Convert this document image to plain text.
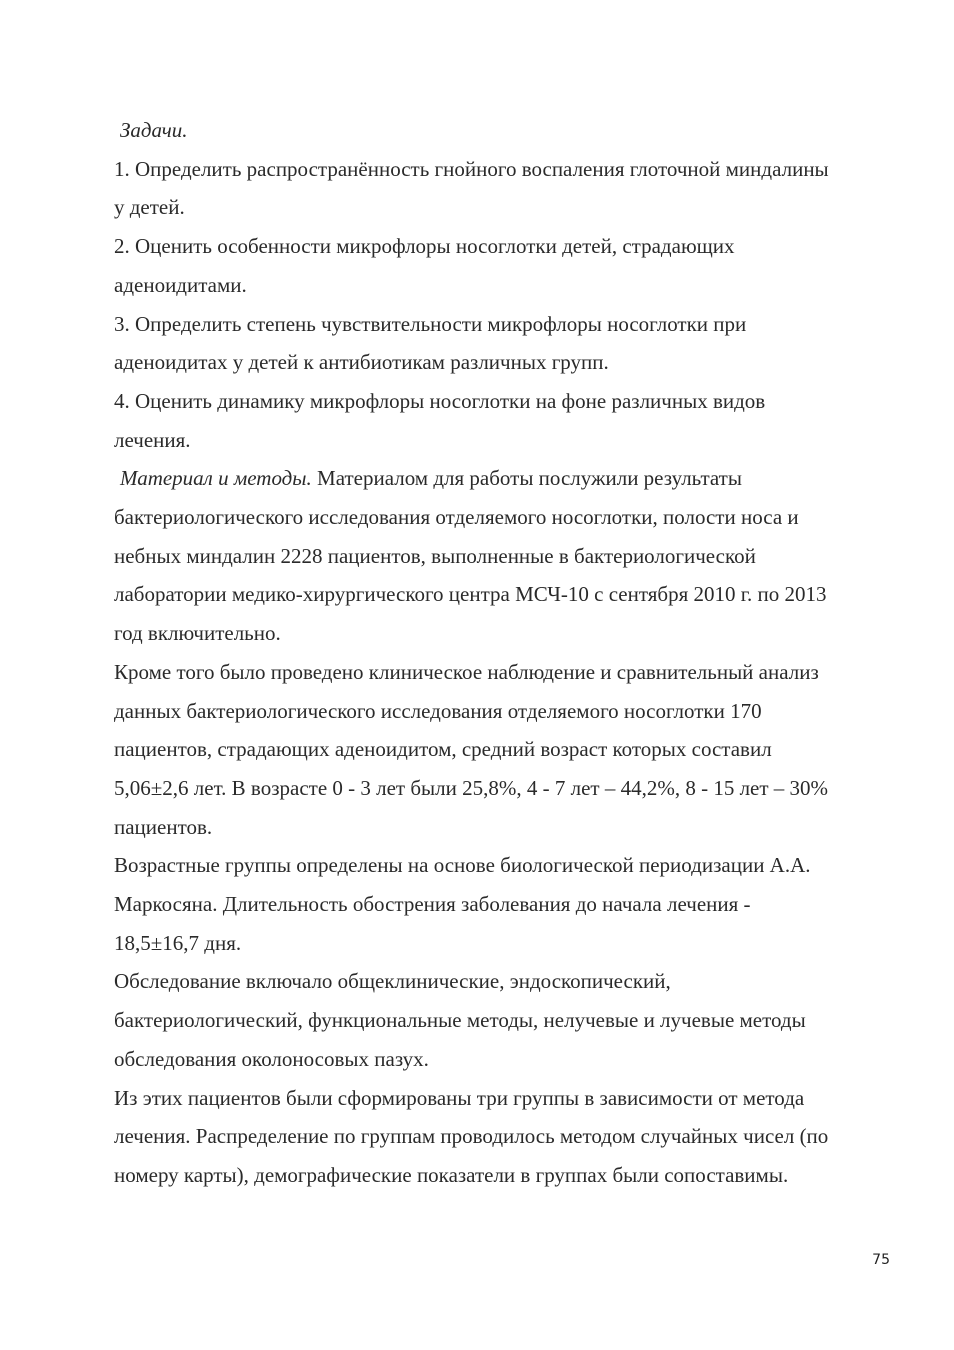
Задачи.
1. Определить распространённость гнойного воспаления глоточной миндалины
у детей.
2. Оценить особенности микрофлоры носоглотки детей, страдающих
аденоидитами.
3. Определить степень чувствительности микрофлоры носоглотки при
аденоидитах у детей к антибиотикам различных групп.
4. Оценить динамику микрофлоры носоглотки на фоне различных видов
лечения.
Материал и методы. Материалом для работы послужили результаты
бактериологического исследования отделяемого носоглотки, полости носа и
небных миндалин 2228 пациентов, выполненные в бактериологической
лаборатории медико-хирургического центра МСЧ-10 с сентября 2010 г. по 2013
год включительно.
Кроме того было проведено клиническое наблюдение и сравнительный анализ
данных бактериологического исследования отделяемого носоглотки 170
пациентов, страдающих аденоидитом, средний возраст которых составил
5,06±2,6 лет. В возрасте 0 - 3 лет были 25,8%, 4 - 7 лет – 44,2%, 8 - 15 лет – 30%
пациентов.
Возрастные группы определены на основе биологической периодизации А.А.
Маркосяна. Длительность обострения заболевания до начала лечения -
18,5±16,7 дня.
Обследование включало общеклинические, эндоскопический,
бактериологический, функциональные методы, нелучевые и лучевые методы
обследования околоносовых пазух.
Из этих пациентов были сформированы три группы в зависимости от метода
лечения. Распределение по группам проводилось методом случайных чисел (по
номеру карты), демографические показатели в группах были сопоставимы.
75
